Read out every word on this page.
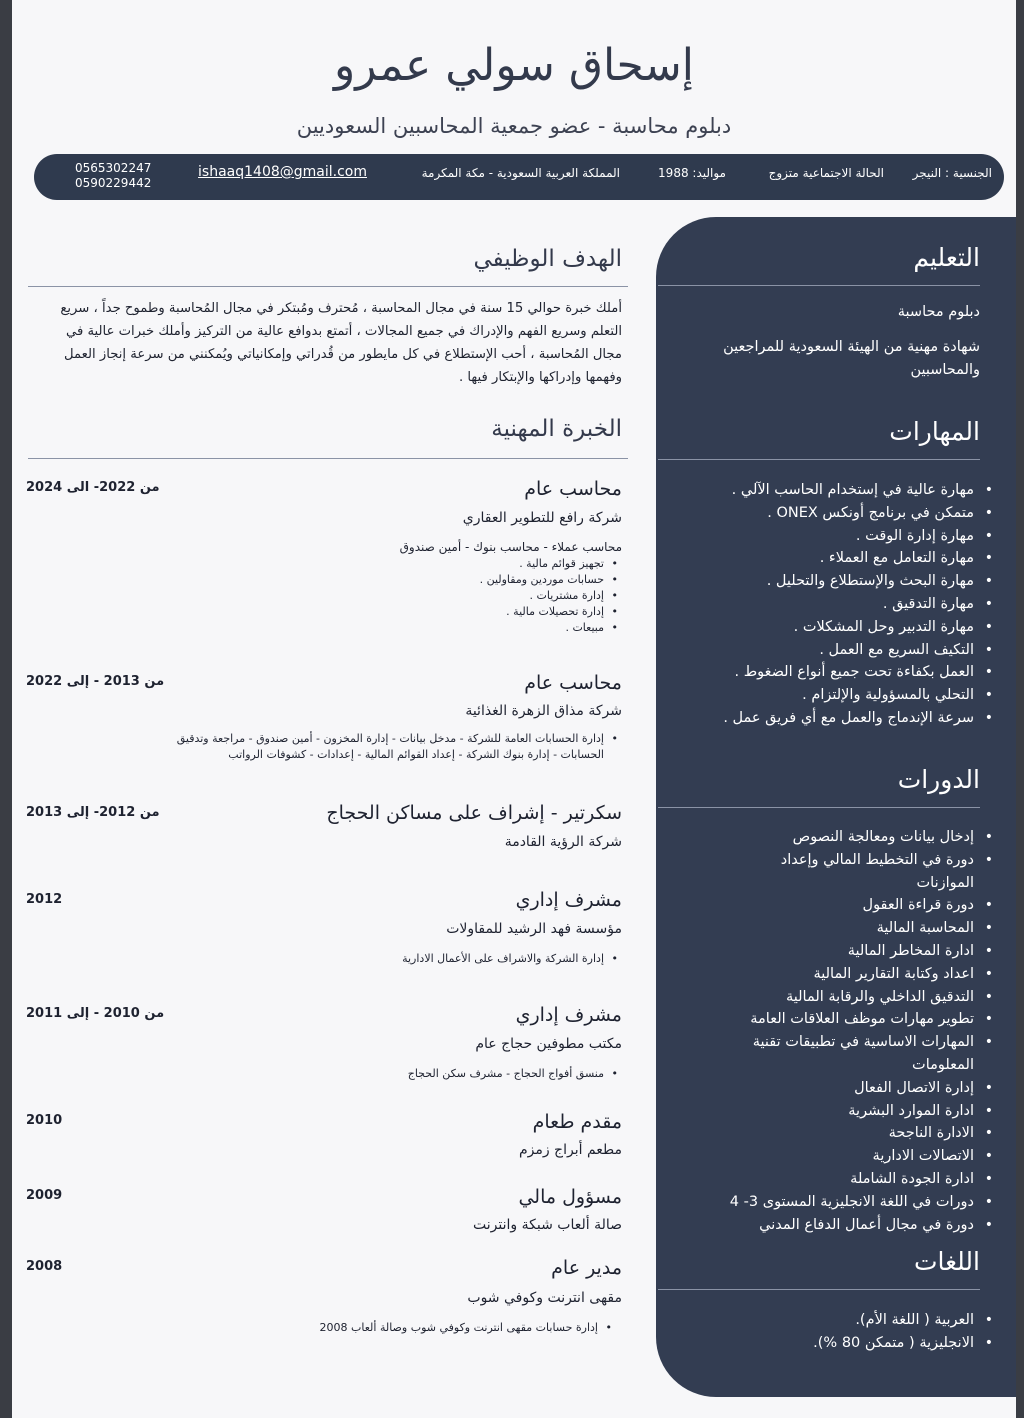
إسحاق سولي عمرو
دبلوم محاسبة - عضو جمعية المحاسبين السعوديين
الجنسية : النيجر
الحالة الاجتماعية متزوج
مواليد: 1988
المملكة العربية السعودية - مكة المكرمة
ishaaq1408@gmail.com
0565302247
0590229442
التعليم
دبلوم محاسبة
شهادة مهنية من الهيئة السعودية للمراجعين والمحاسبين
المهارات
• مهارة عالية في إستخدام الحاسب الآلي .
• متمكن في برنامج أونكس ONEX .
• مهارة إدارة الوقت .
• مهارة التعامل مع العملاء .
• مهارة البحث والإستطلاع والتحليل .
• مهارة التدقيق .
• مهارة التدبير وحل المشكلات .
• التكيف السريع مع العمل .
• العمل بكفاءة تحت جميع أنواع الضغوط .
• التحلي بالمسؤولية والإلتزام .
• سرعة الإندماج والعمل مع أي فريق عمل .
الدورات
• إدخال بيانات ومعالجة النصوص
• دورة في التخطيط المالي وإعداد الموازنات
• دورة قراءة العقول
• المحاسبة المالية
• ادارة المخاطر المالية
• اعداد وكتابة التقارير المالية
• التدقيق الداخلي والرقابة المالية
• تطوير مهارات موظف العلاقات العامة
• المهارات الاساسية في تطبيقات تقنية المعلومات
• إدارة الاتصال الفعال
• ادارة الموارد البشرية
• الادارة الناجحة
• الاتصالات الادارية
• ادارة الجودة الشاملة
• دورات في اللغة الانجليزية المستوى 3- 4
• دورة في مجال أعمال الدفاع المدني
اللغات
• العربية ( اللغة الأم).
• الانجليزية ( متمكن 80 %).
الهدف الوظيفي
أملك خبرة حوالي 15 سنة في مجال المحاسبة ، مُحترف ومُبتكر في مجال المُحاسبة وطموح جداً ، سريع التعلم وسريع الفهم والإدراك في جميع المجالات ، أتمتع بدوافع عالية من التركيز وأملك خبرات عالية في مجال المُحاسبة ، أحب الإستطلاع في كل مايطور من قُدراتي وإمكانياتي ويُمكنني من سرعة إنجاز العمل وفهمها وإدراكها والإبتكار فيها .
الخبرة المهنية
محاسب عام
من 2022- الى 2024
شركة رافع للتطوير العقاري
محاسب عملاء - محاسب بنوك - أمين صندوق
• تجهيز قوائم مالية .
• حسابات موردين ومقاولين .
• إدارة مشتريات .
• إدارة تحصيلات مالية .
• مبيعات .
محاسب عام
من 2013 - إلى 2022
شركة مذاق الزهرة الغذائية
• إدارة الحسابات العامة للشركة - مدخل بيانات - إدارة المخزون - أمين صندوق - مراجعة وتدقيق الحسابات - إدارة بنوك الشركة - إعداد القوائم المالية - إعدادات - كشوفات الرواتب
سكرتير - إشراف على مساكن الحجاج
من 2012- إلى 2013
شركة الرؤية القادمة
مشرف إداري
2012
مؤسسة فهد الرشيد للمقاولات
• إدارة الشركة والاشراف على الأعمال الادارية
مشرف إداري
من 2010 - إلى 2011
مكتب مطوفين حجاج عام
• منسق أفواج الحجاج - مشرف سكن الحجاج
مقدم طعام
2010
مطعم أبراج زمزم
مسؤول مالي
2009
صالة ألعاب شبكة وانترنت
مدير عام
2008
مقهى انترنت وكوفي شوب
• إدارة حسابات مقهى انترنت وكوفي شوب وصالة ألعاب 2008
